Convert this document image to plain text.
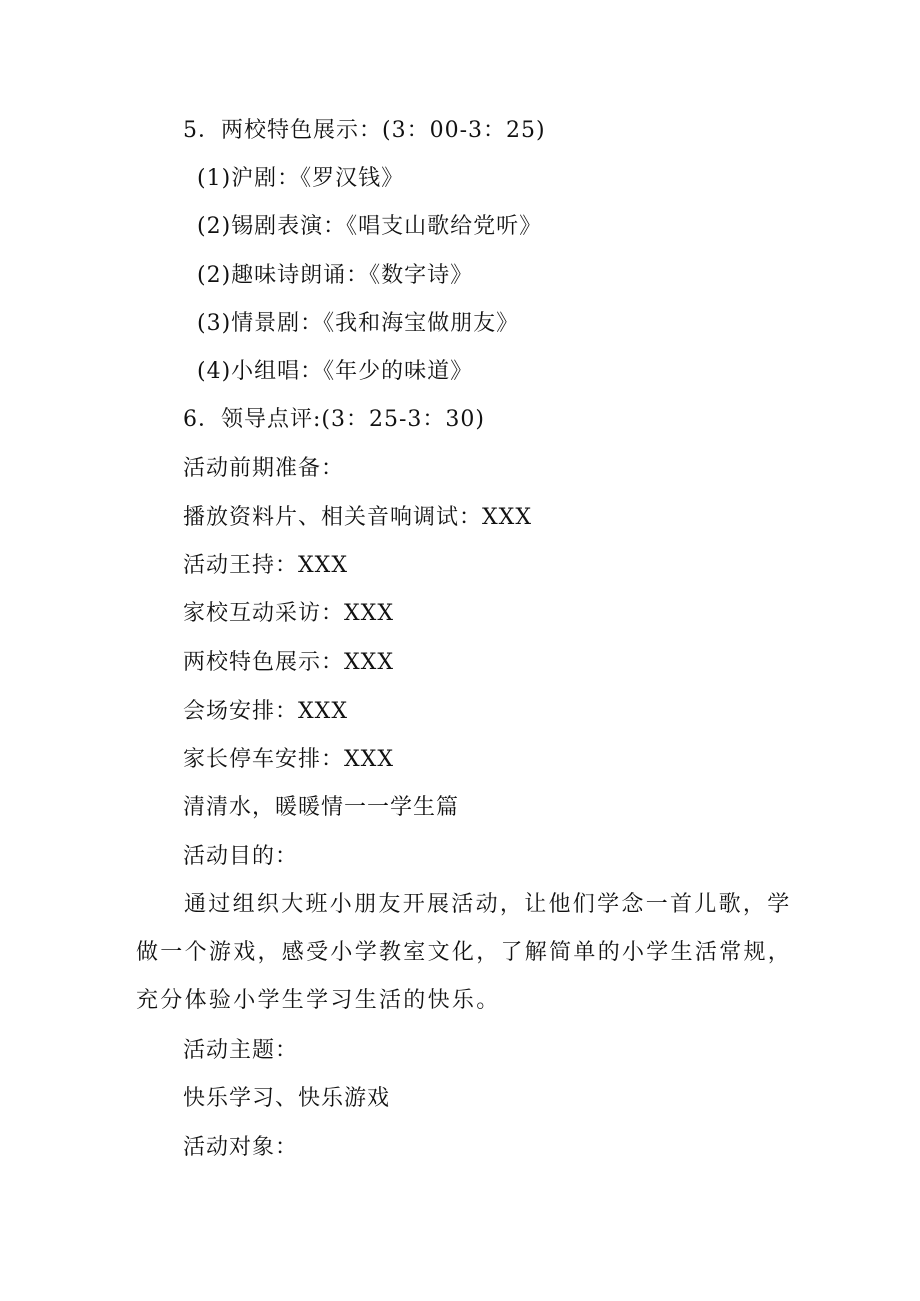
5．两校特色展示：(3：00-3：25)
(1)沪剧：《罗汉钱》
(2)锡剧表演：《唱支山歌给党听》
(2)趣味诗朗诵：《数字诗》
(3)情景剧：《我和海宝做朋友》
(4)小组唱：《年少的味道》
6．领导点评:(3：25-3：30)
活动前期准备：
播放资料片、相关音响调试：XXX
活动王持：XXX
家校互动采访：XXX
两校特色展示：XXX
会场安排：XXX
家长停车安排：XXX
清清水，暖暖情一一学生篇
活动目的：
通过组织大班小朋友开展活动，让他们学念一首儿歌，学做一个游戏，感受小学教室文化，了解简单的小学生活常规，充分体验小学生学习生活的快乐。
活动主题：
快乐学习、快乐游戏
活动对象：
